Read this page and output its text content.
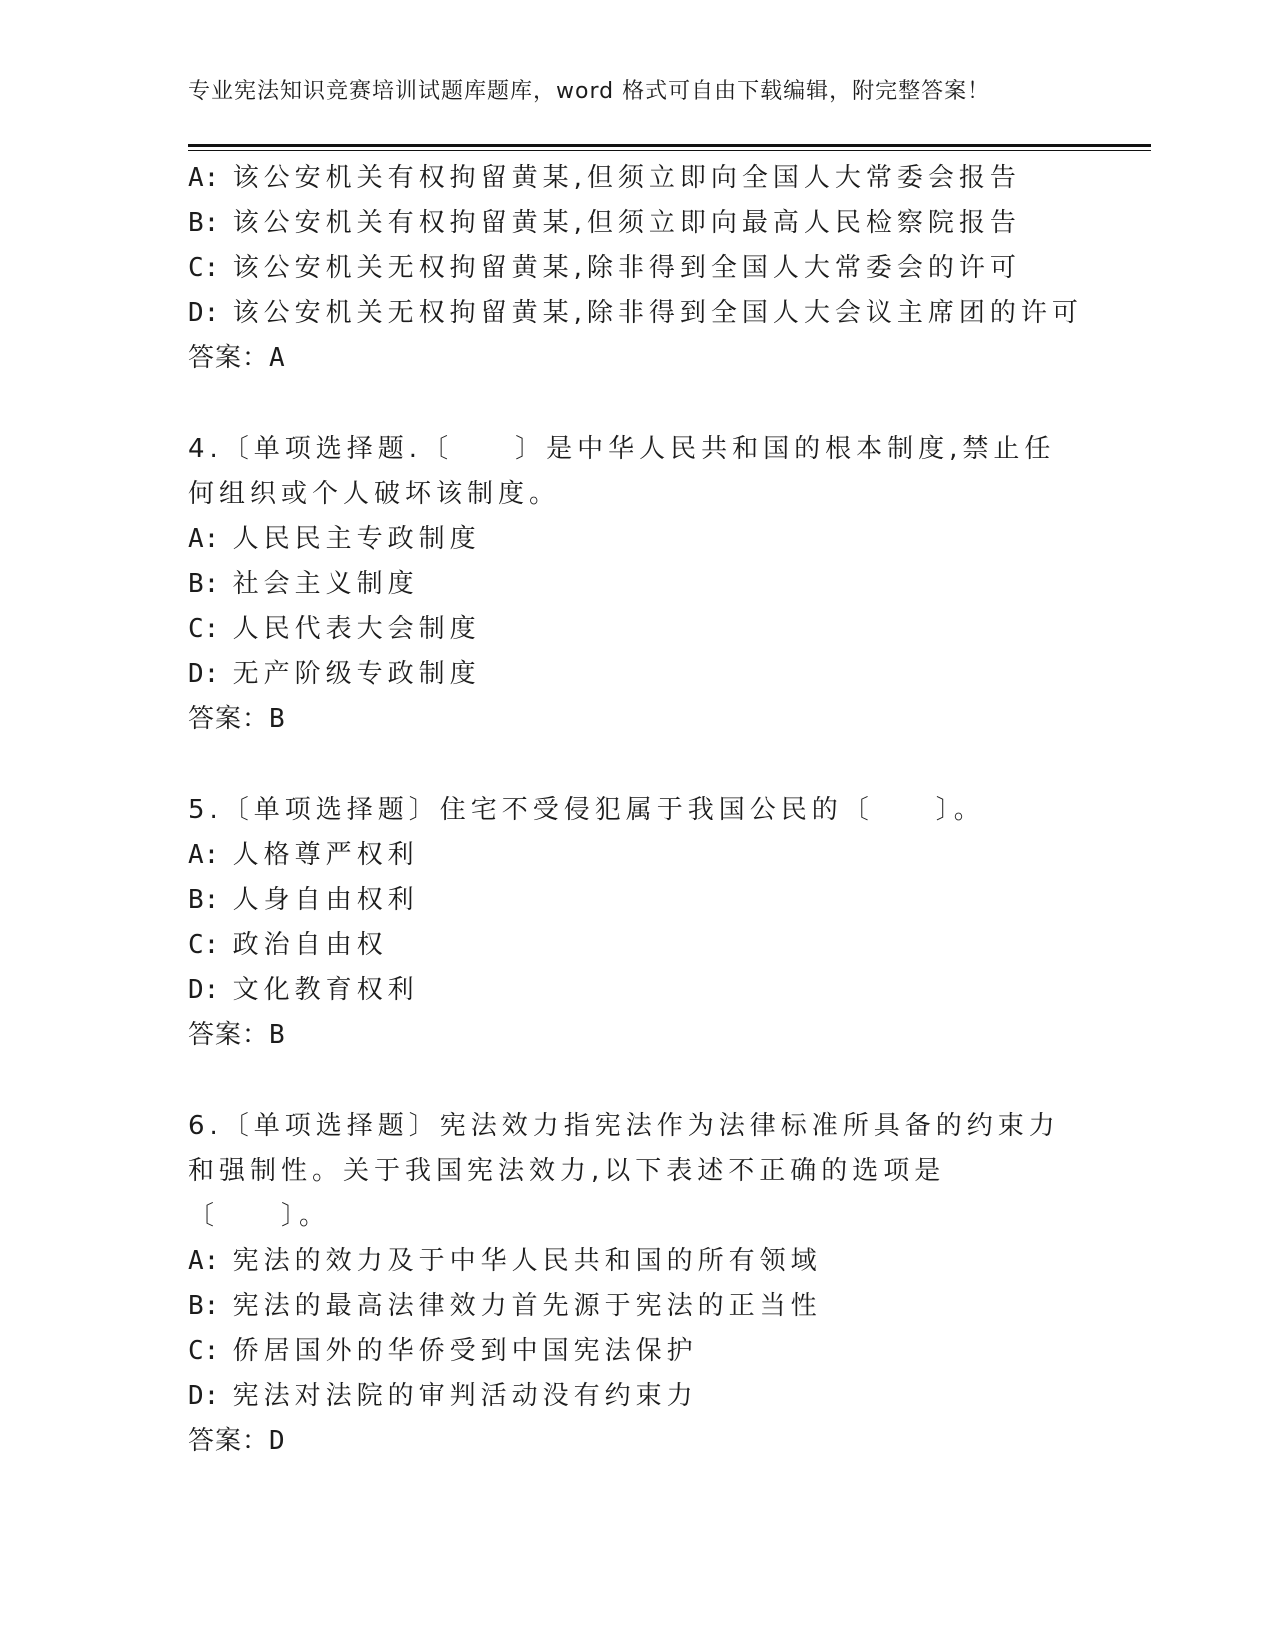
专业宪法知识竞赛培训试题库题库，word 格式可自由下载编辑，附完整答案！

A: 该公安机关有权拘留黄某,但须立即向全国人大常委会报告

B: 该公安机关有权拘留黄某,但须立即向最高人民检察院报告

C: 该公安机关无权拘留黄某,除非得到全国人大常委会的许可

D: 该公安机关无权拘留黄某,除非得到全国人大会议主席团的许可

答案：A

4.〔单项选择题.〔　　〕是中华人民共和国的根本制度,禁止任何组织或个人破坏该制度。

A: 人民民主专政制度

B: 社会主义制度

C: 人民代表大会制度

D: 无产阶级专政制度

答案：B

5.〔单项选择题〕住宅不受侵犯属于我国公民的〔　　〕。

A: 人格尊严权利

B: 人身自由权利

C: 政治自由权

D: 文化教育权利

答案：B

6.〔单项选择题〕宪法效力指宪法作为法律标准所具备的约束力和强制性。关于我国宪法效力,以下表述不正确的选项是〔　　〕。

A: 宪法的效力及于中华人民共和国的所有领域

B: 宪法的最高法律效力首先源于宪法的正当性

C: 侨居国外的华侨受到中国宪法保护

D: 宪法对法院的审判活动没有约束力

答案：D
